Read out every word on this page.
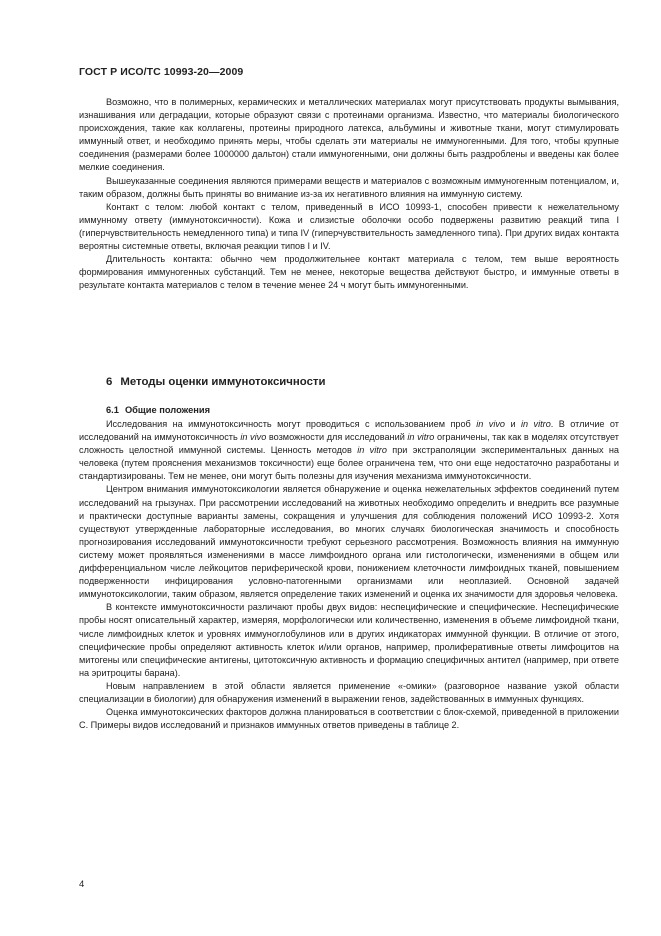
ГОСТ Р ИСО/ТС 10993-20—2009

Возможно, что в полимерных, керамических и металлических материалах могут присутствовать продукты вымывания, изнашивания или деградации, которые образуют связи с протеинами организма. Известно, что материалы биологического происхождения, такие как коллагены, протеины природного латекса, альбумины и животные ткани, могут стимулировать иммунный ответ, и необходимо принять меры, чтобы сделать эти материалы не иммуногенными. Для того, чтобы крупные соединения (размерами более 1000000 дальтон) стали иммуногенными, они должны быть раздроблены и введены как более мелкие соединения.

Вышеуказанные соединения являются примерами веществ и материалов с возможным иммуногенным потенциалом, и, таким образом, должны быть приняты во внимание из-за их негативного влияния на иммунную систему.

Контакт с телом: любой контакт с телом, приведенный в ИСО 10993-1, способен привести к нежелательному иммунному ответу (иммунотоксичности). Кожа и слизистые оболочки особо подвержены развитию реакций типа I (гиперчувствительность немедленного типа) и типа IV (гиперчувствительность замедленного типа). При других видах контакта вероятны системные ответы, включая реакции типов I и IV.

Длительность контакта: обычно чем продолжительнее контакт материала с телом, тем выше вероятность формирования иммуногенных субстанций. Тем не менее, некоторые вещества действуют быстро, и иммунные ответы в результате контакта материалов с телом в течение менее 24 ч могут быть иммуногенными.

6 Методы оценки иммунотоксичности
6.1 Общие положения

Исследования на иммунотоксичность могут проводиться с использованием проб in vivo и in vitro. В отличие от исследований на иммунотоксичность in vivo возможности для исследований in vitro ограничены, так как в моделях отсутствует сложность целостной иммунной системы. Ценность методов in vitro при экстраполяции экспериментальных данных на человека (путем прояснения механизмов токсичности) еще более ограничена тем, что они еще недостаточно разработаны и стандартизированы. Тем не менее, они могут быть полезны для изучения механизма иммунотоксичности.

Центром внимания иммунотоксикологии является обнаружение и оценка нежелательных эффектов соединений путем исследований на грызунах. При рассмотрении исследований на животных необходимо определить и внедрить все разумные и практически доступные варианты замены, сокращения и улучшения для соблюдения положений ИСО 10993-2. Хотя существуют утвержденные лабораторные исследования, во многих случаях биологическая значимость и способность прогнозирования исследований иммунотоксичности требуют серьезного рассмотрения. Возможность влияния на иммунную систему может проявляться изменениями в массе лимфоидного органа или гистологически, изменениями в общем или дифференциальном числе лейкоцитов периферической крови, понижением клеточности лимфоидных тканей, повышением подверженности инфицирования условно-патогенными организмами или неоплазией. Основной задачей иммунотоксикологии, таким образом, является определение таких изменений и оценка их значимости для здоровья человека.

В контексте иммунотоксичности различают пробы двух видов: неспецифические и специфические. Неспецифические пробы носят описательный характер, измеряя, морфологически или количественно, изменения в объеме лимфоидной ткани, числе лимфоидных клеток и уровнях иммуноглобулинов или в других индикаторах иммунной функции. В отличие от этого, специфические пробы определяют активность клеток и/или органов, например, пролиферативные ответы лимфоцитов на митогены или специфические антигены, цитотоксичную активность и формацию специфичных антител (например, при ответе на эритроциты барана).

Новым направлением в этой области является применение «-омики» (разговорное название узкой области специализации в биологии) для обнаружения изменений в выражении генов, задействованных в иммунных функциях.

Оценка иммунотоксических факторов должна планироваться в соответствии с блок-схемой, приведенной в приложении С. Примеры видов исследований и признаков иммунных ответов приведены в таблице 2.

4
